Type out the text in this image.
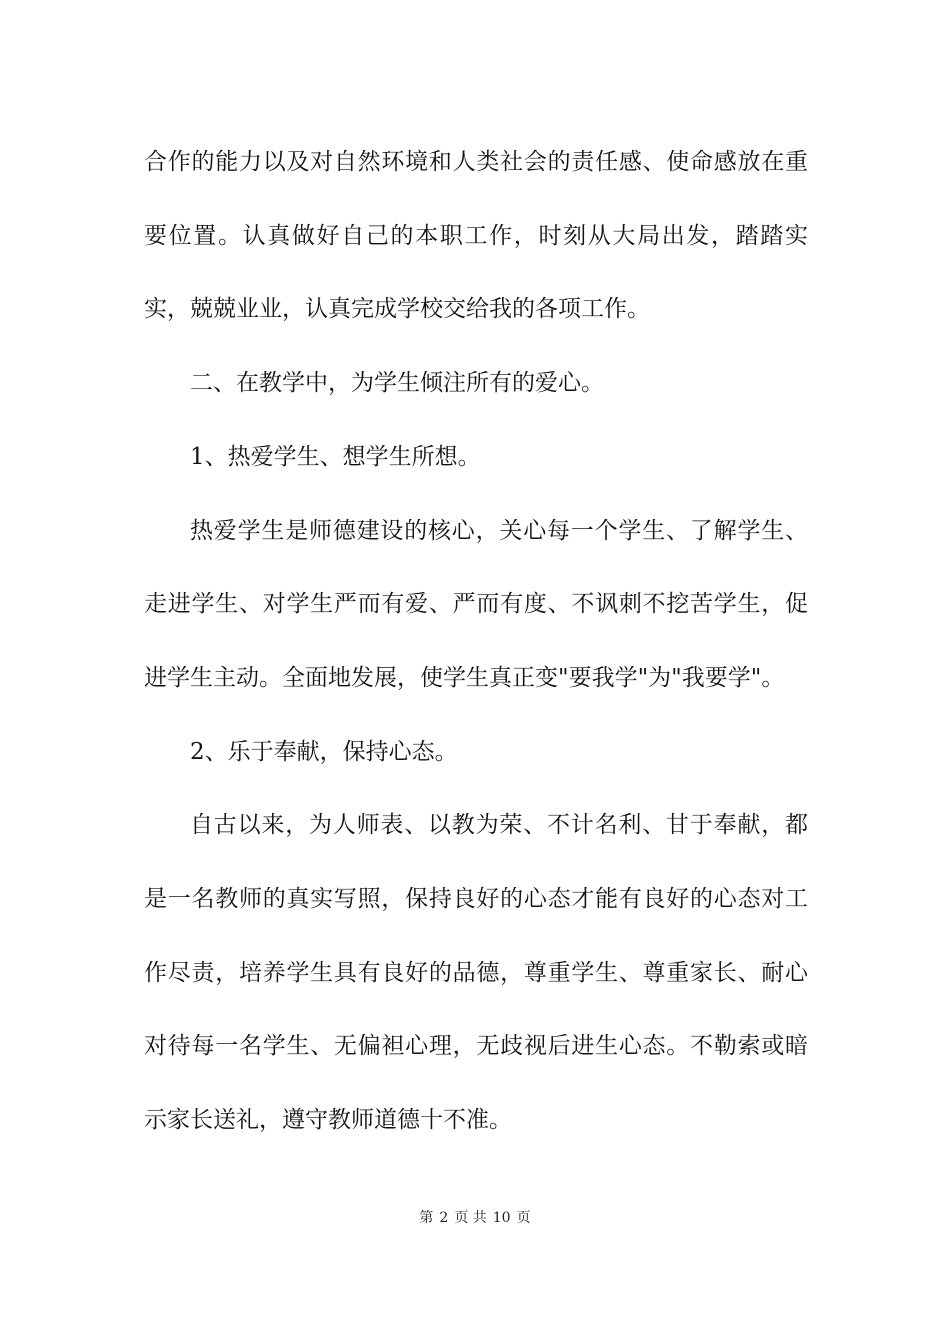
合作的能力以及对自然环境和人类社会的责任感、使命感放在重要位置。认真做好自己的本职工作，时刻从大局出发，踏踏实实，兢兢业业，认真完成学校交给我的各项工作。

二、在教学中，为学生倾注所有的爱心。

1、热爱学生、想学生所想。

热爱学生是师德建设的核心，关心每一个学生、了解学生、走进学生、对学生严而有爱、严而有度、不讽刺不挖苦学生，促进学生主动。全面地发展，使学生真正变"要我学"为"我要学"。

2、乐于奉献，保持心态。

自古以来，为人师表、以教为荣、不计名利、甘于奉献，都是一名教师的真实写照，保持良好的心态才能有良好的心态对工作尽责，培养学生具有良好的品德，尊重学生、尊重家长、耐心对待每一名学生、无偏袒心理，无歧视后进生心态。不勒索或暗示家长送礼，遵守教师道德十不准。

第 2 页 共 10 页
